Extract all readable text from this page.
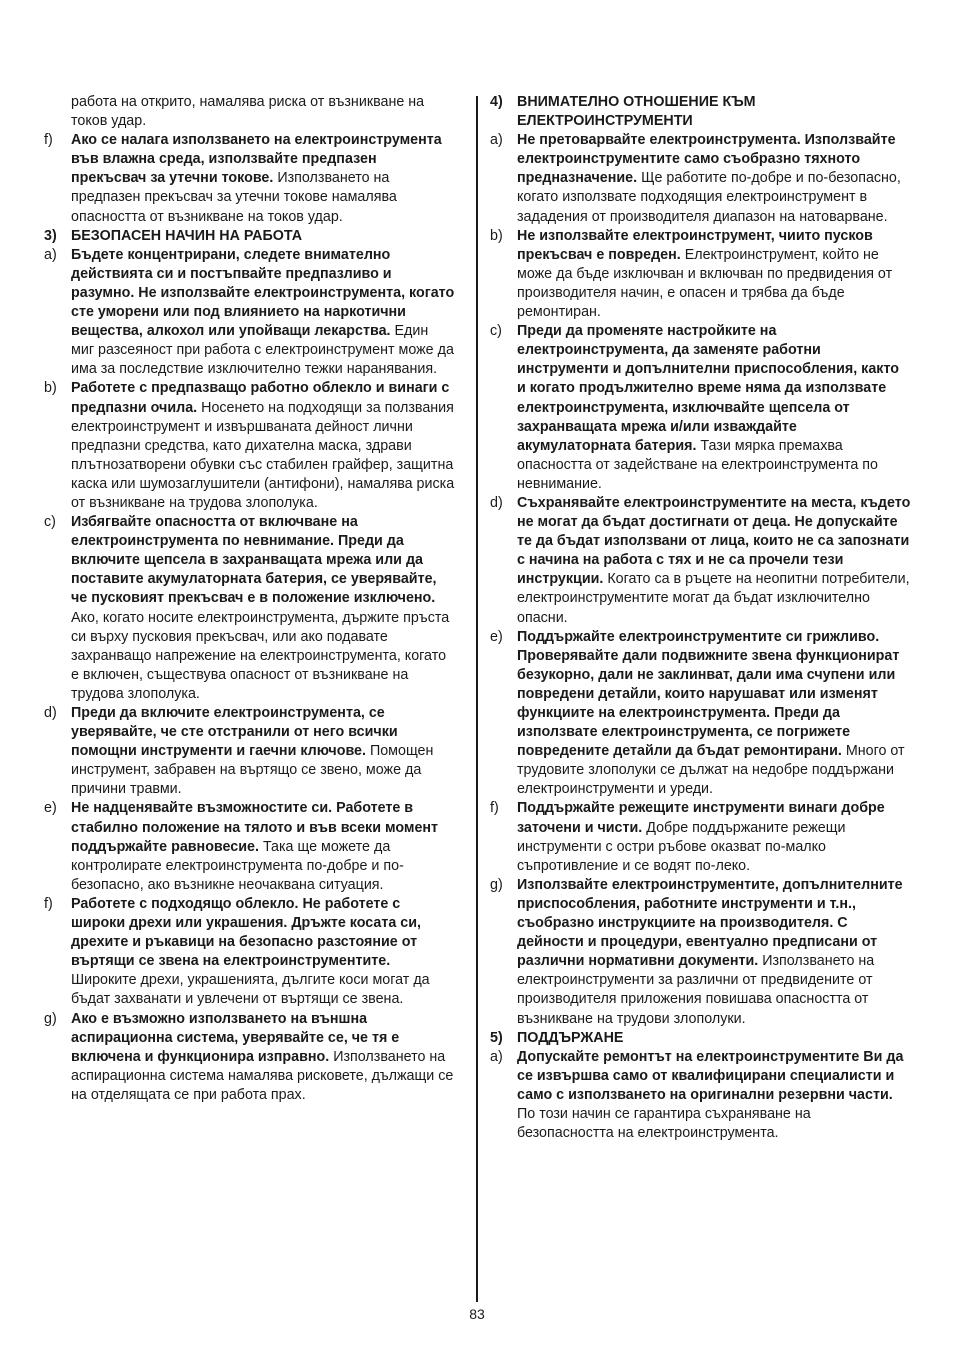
работа на открито, намалява риска от възникване на токов удар.
f) Ако се налага използването на електроинструмента във влажна среда, използвайте предпазен прекъсвач за утечни токове. Използването на предпазен прекъсвач за утечни токове намалява опасността от възникване на токов удар.
3) БЕЗОПАСЕН НАЧИН НА РАБОТА
a) Бъдете концентрирани, следете внимателно действията си и постъпвайте предпазливо и разумно. Не използвайте електроинструмента, когато сте уморени или под влиянието на наркотични вещества, алкохол или упойващи лекарства. Един миг разсеяност при работа с електроинструмент може да има за последствие изключително тежки наранявания.
b) Работете с предпазващо работно облекло и винаги с предпазни очила. Носенето на подходящи за ползвания електроинструмент и извършваната дейност лични предпазни средства, като дихателна маска, здрави плътнозатворени обувки със стабилен грайфер, защитна каска или шумозаглушители (антифони), намалява риска от възникване на трудова злополука.
c) Избягвайте опасността от включване на електроинструмента по невнимание. Преди да включите щепсела в захранващата мрежа или да поставите акумулаторната батерия, се уверявайте, че пусковият прекъсвач е в положение изключено. Ако, когато носите електроинструмента, държите пръста си върху пусковия прекъсвач, или ако подавате захранващо напрежение на електроинструмента, когато е включен, съществува опасност от възникване на трудова злополука.
d) Преди да включите електроинструмента, се уверявайте, че сте отстранили от него всички помощни инструменти и гаечни ключове. Помощен инструмент, забравен на въртящо се звено, може да причини травми.
e) Не надценявайте възможностите си. Работете в стабилно положение на тялото и във всеки момент поддържайте равновесие. Така ще можете да контролирате електроинструмента по-добре и по-безопасно, ако възникне неочаквана ситуация.
f) Работете с подходящо облекло. Не работете с широки дрехи или украшения. Дръжте косата си, дрехите и ръкавици на безопасно разстояние от въртящи се звена на електроинструментите. Широките дрехи, украшенията, дългите коси могат да бъдат захванати и увлечени от въртящи се звена.
g) Ако е възможно използването на външна аспирационна система, уверявайте се, че тя е включена и функционира изправно. Използването на аспирационна система намалява рисковете, дължащи се на отделящата се при работа прах.
4) ВНИМАТЕЛНО ОТНОШЕНИЕ КЪМ ЕЛЕКТРОИНСТРУМЕНТИ
a) Не претоварвайте електроинструмента. Използвайте електроинструментите само съобразно тяхното предназначение. Ще работите по-добре и по-безопасно, когато използвате подходящия електроинструмент в зададения от производителя диапазон на натоварване.
b) Не използвайте електроинструмент, чиито пусков прекъсвач е повреден. Електроинструмент, който не може да бъде изключван и включван по предвидения от производителя начин, е опасен и трябва да бъде ремонтиран.
c) Преди да променяте настройките на електроинструмента, да заменяте работни инструменти и допълнителни приспособления, както и когато продължително време няма да използвате електроинструмента, изключвайте щепсела от захранващата мрежа и/или изваждайте акумулаторната батерия. Тази мярка премахва опасността от задействане на електроинструмента по невнимание.
d) Съхранявайте електроинструментите на места, където не могат да бъдат достигнати от деца. Не допускайте те да бъдат използвани от лица, които не са запознати с начина на работа с тях и не са прочели тези инструкции. Когато са в ръцете на неопитни потребители, електроинструментите могат да бъдат изключително опасни.
e) Поддържайте електроинструментите си грижливо. Проверявайте дали подвижните звена функционират безукорно, дали не заклинват, дали има счупени или повредени детайли, които нарушават или изменят функциите на електроинструмента. Преди да използвате електроинструмента, се погрижете повредените детайли да бъдат ремонтирани. Много от трудовите злополуки се дължат на недобре поддържани електроинструменти и уреди.
f) Поддържайте режещите инструменти винаги добре заточени и чисти. Добре поддържаните режещи инструменти с остри ръбове оказват по-малко съпротивление и се водят по-леко.
g) Използвайте електроинструментите, допълнителните приспособления, работните инструменти и т.н., съобразно инструкциите на производителя. С дейности и процедури, евентуално предписани от различни нормативни документи. Използването на електроинструменти за различни от предвидените от производителя приложения повишава опасността от възникване на трудови злополуки.
5) ПОДДЪРЖАНЕ
a) Допускайте ремонтът на електроинструментите Ви да се извършва само от квалифицирани специалисти и само с използването на оригинални резервни части. По този начин се гарантира съхраняване на безопасността на електроинструмента.
83
